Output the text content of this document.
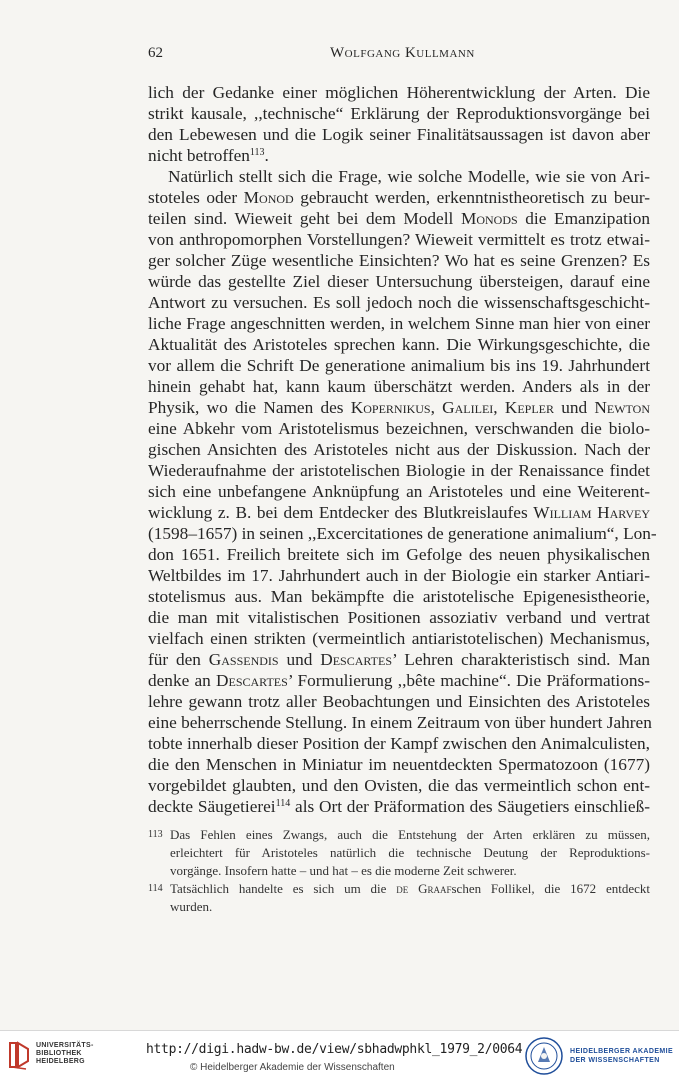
62	Wolfgang Kullmann
lich der Gedanke einer möglichen Höherentwicklung der Arten. Die
strikt kausale, ,,technische“ Erklärung der Reproduktionsvorgänge bei
den Lebewesen und die Logik seiner Finalitätsaussagen ist davon aber
nicht betroffen$^{113}$.
Natürlich stellt sich die Frage, wie solche Modelle, wie sie von Ari-
stoteles oder Monod gebraucht werden, erkenntnistheoretisch zu beur-
teilen sind. Wieweit geht bei dem Modell Monods die Emanzipation
von anthropomorphen Vorstellungen? Wieweit vermittelt es trotz etwai-
ger solcher Züge wesentliche Einsichten? Wo hat es seine Grenzen? Es
würde das gestellte Ziel dieser Untersuchung übersteigen, darauf eine
Antwort zu versuchen. Es soll jedoch noch die wissenschaftsgeschicht-
liche Frage angeschnitten werden, in welchem Sinne man hier von einer
Aktualität des Aristoteles sprechen kann. Die Wirkungsgeschichte, die
vor allem die Schrift De generatione animalium bis ins 19. Jahrhundert
hinein gehabt hat, kann kaum überschätzt werden. Anders als in der
Physik, wo die Namen des Kopernikus, Galilei, Kepler und Newton
eine Abkehr vom Aristotelismus bezeichnen, verschwanden die biolo-
gischen Ansichten des Aristoteles nicht aus der Diskussion. Nach der
Wiederaufnahme der aristotelischen Biologie in der Renaissance findet
sich eine unbefangene Anknüpfung an Aristoteles und eine Weiterent-
wicklung z. B. bei dem Entdecker des Blutkreislaufes William Harvey
(1598–1657) in seinen ,,Excercitationes de generatione animalium“, Lon-
don 1651. Freilich breitete sich im Gefolge des neuen physikalischen
Weltbildes im 17. Jahrhundert auch in der Biologie ein starker Antiari-
stotelismus aus. Man bekämpfte die aristotelische Epigenesistheorie,
die man mit vitalistischen Positionen assoziativ verband und vertrat
vielfach einen strikten (vermeintlich antiaristotelischen) Mechanismus,
für den Gassendis und Descartes’ Lehren charakteristisch sind. Man
denke an Descartes’ Formulierung ,,bête machine“. Die Präformations-
lehre gewann trotz aller Beobachtungen und Einsichten des Aristoteles
eine beherrschende Stellung. In einem Zeitraum von über hundert Jahren
tobte innerhalb dieser Position der Kampf zwischen den Animalculisten,
die den Menschen in Miniatur im neuentdeckten Spermatozoon (1677)
vorgebildet glaubten, und den Ovisten, die das vermeintlich schon ent-
deckte Säugetierei$^{114}$ als Ort der Präformation des Säugetiers einschließ-
113 Das Fehlen eines Zwangs, auch die Entstehung der Arten erklären zu müssen,
erleichtert für Aristoteles natürlich die technische Deutung der Reproduktions-
vorgänge. Insofern hatte – und hat – es die moderne Zeit schwerer.
114 Tatsächlich handelte es sich um die de Graafschen Follikel, die 1672 entdeckt
wurden.
UNIVERSITÄTS-
BIBLIOTHEK
HEIDELBERG
http://digi.hadw-bw.de/view/sbhadwphkl_1979_2/0064
© Heidelberger Akademie der Wissenschaften
HEIDELBERGER AKADEMIE
DER WISSENSCHAFTEN
